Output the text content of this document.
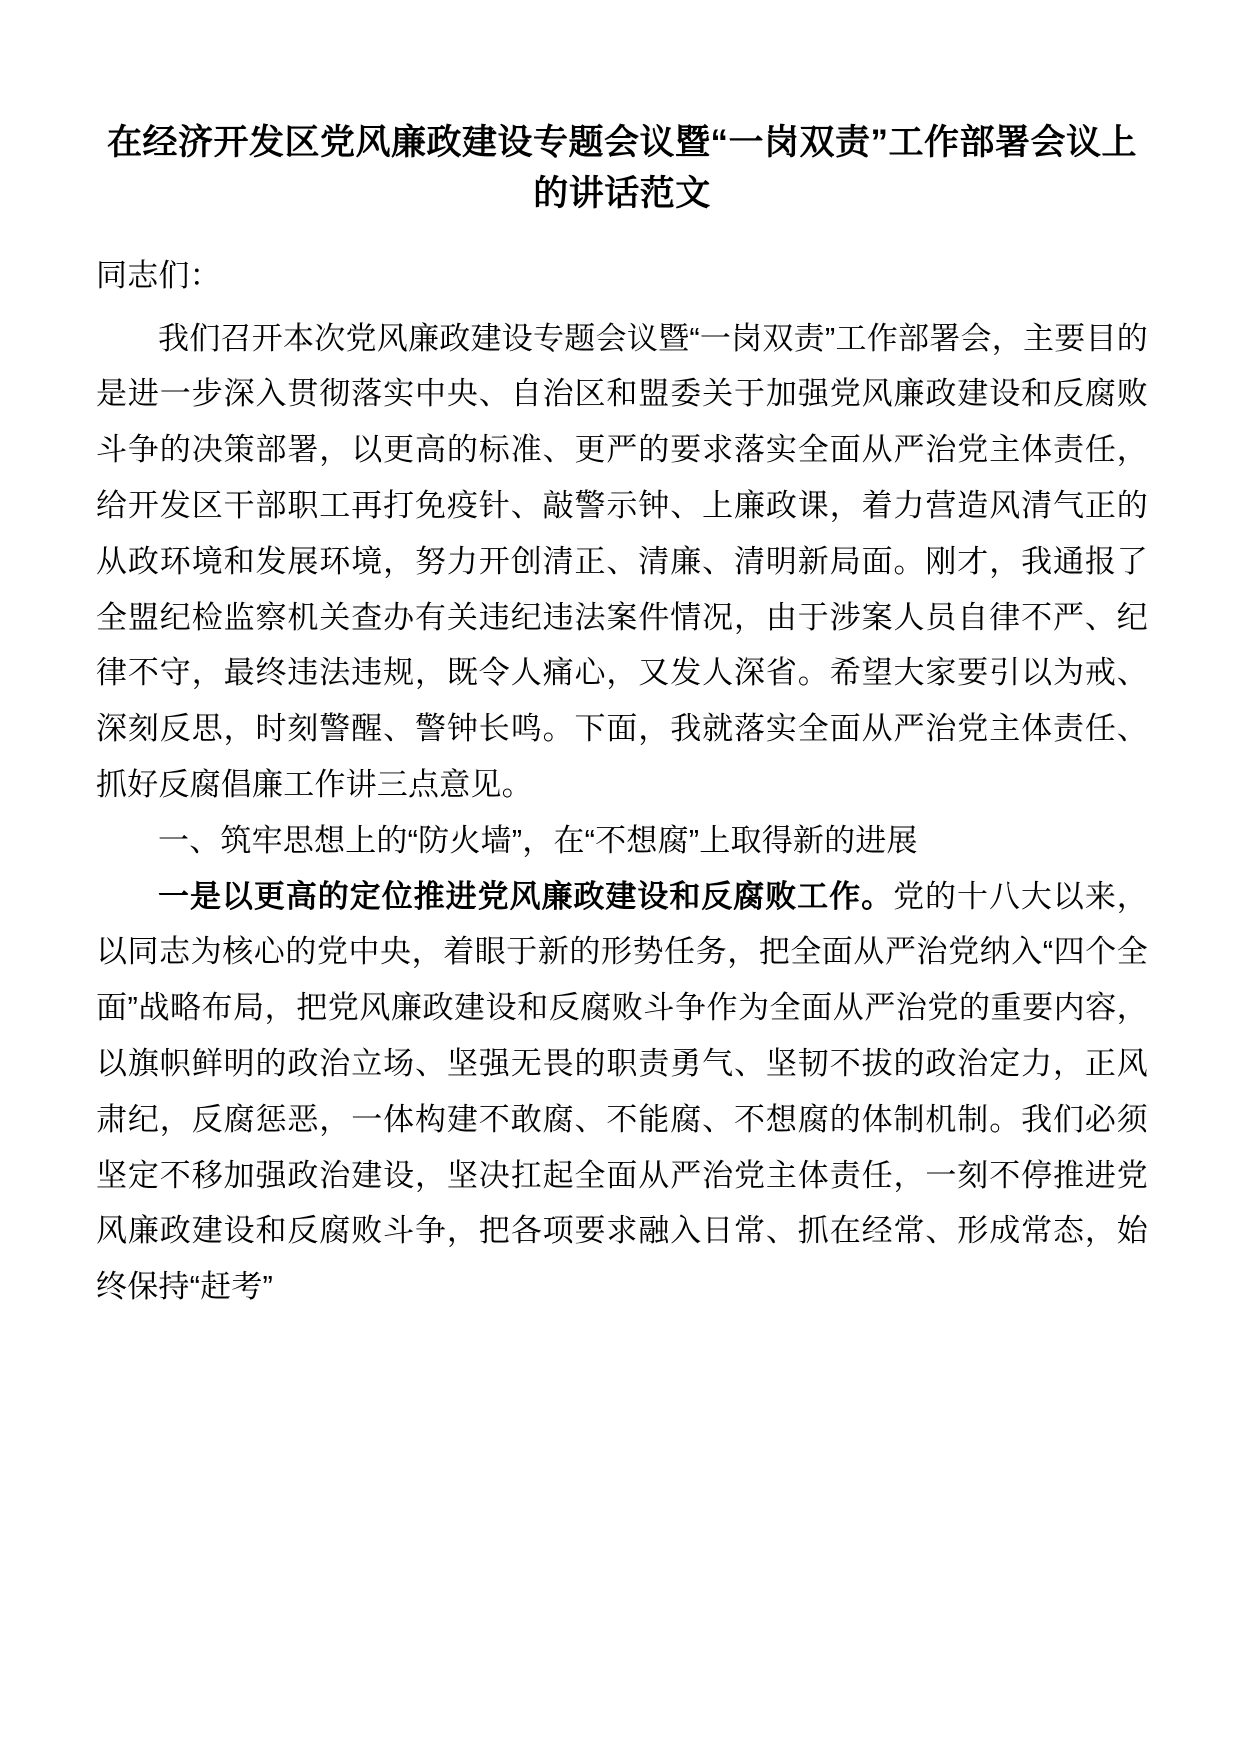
在经济开发区党风廉政建设专题会议暨“一岗双责”工作部署会议上的讲话范文

同志们：

我们召开本次党风廉政建设专题会议暨“一岗双责”工作部署会，主要目的是进一步深入贯彻落实中央、自治区和盟委关于加强党风廉政建设和反腐败斗争的决策部署，以更高的标准、更严的要求落实全面从严治党主体责任，给开发区干部职工再打免疫针、敲警示钟、上廉政课，着力营造风清气正的从政环境和发展环境，努力开创清正、清廉、清明新局面。刚才，我通报了全盟纪检监察机关查办有关违纪违法案件情况，由于涉案人员自律不严、纪律不守，最终违法违规，既令人痛心，又发人深省。希望大家要引以为戒、深刻反思，时刻警醒、警钟长鸣。下面，我就落实全面从严治党主体责任、抓好反腐倡廉工作讲三点意见。

一、筑牢思想上的“防火墙”，在“不想腐”上取得新的进展

一是以更高的定位推进党风廉政建设和反腐败工作。党的十八大以来，以同志为核心的党中央，着眼于新的形势任务，把全面从严治党纳入“四个全面”战略布局，把党风廉政建设和反腐败斗争作为全面从严治党的重要内容，以旗帜鲜明的政治立场、坚强无畏的职责勇气、坚韧不拔的政治定力，正风肃纪，反腐惩恶，一体构建不敢腐、不能腐、不想腐的体制机制。我们必须坚定不移加强政治建设，坚决扛起全面从严治党主体责任，一刻不停推进党风廉政建设和反腐败斗争，把各项要求融入日常、抓在经常、形成常态，始终保持“赶考”
